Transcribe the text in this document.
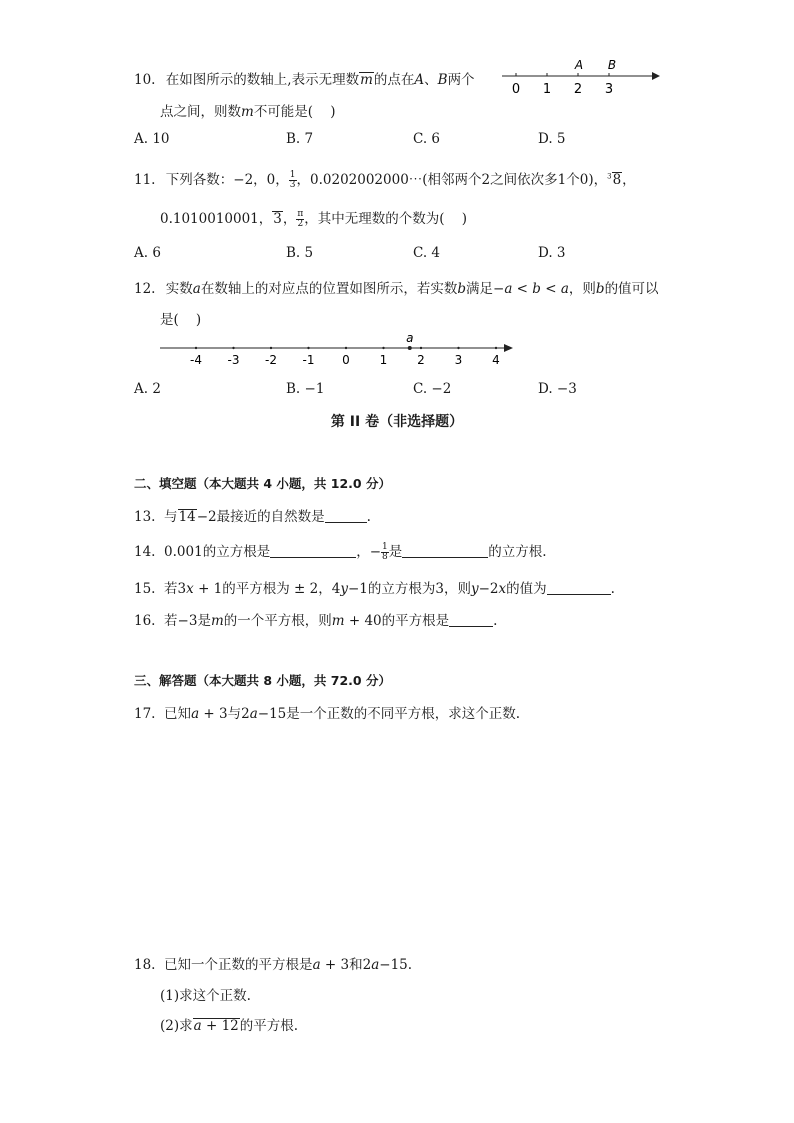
10. 在如图所示的数轴上,表示无理数m的点在A、B两个
点之间，则数m不可能是(    )
0 1 2 3
A B
A. 10	B. 7	C. 6	D. 5
11. 下列各数：−2，0， $\frac{1}{3}$ ，0.0202002000⋯(相邻两个2之间依次多1个0)，$^3$8，
0.1010010001，3， $\frac{\pi}{2}$ ，其中无理数的个数为(    )
A. 6	B. 5	C. 4	D. 3
12. 实数a在数轴上的对应点的位置如图所示，若实数b满足−a < b < a，则b的值可以
是(    )
-4 -3 -2 -1 0 1 2 3 4
a
A. 2	B. −1	C. −2	D. −3
第 II 卷（非选择题）
二、填空题（本大题共 4 小题，共 12.0 分）
13.  与14−2最接近的自然数是	.
14.  0.001的立方根是	，− $\frac{1}{8}$ 是	的立方根.
15.  若3x + 1的平方根为 ± 2，4y−1的立方根为3，则y−2x的值为	.
16.  若−3是m的一个平方根，则m + 40的平方根是	.
三、解答题（本大题共 8 小题，共 72.0 分）
17.  已知a + 3与2a−15是一个正数的不同平方根，求这个正数.
18.  已知一个正数的平方根是a + 3和2a−15.
(1)求这个正数.
(2)求a + 12的平方根.
